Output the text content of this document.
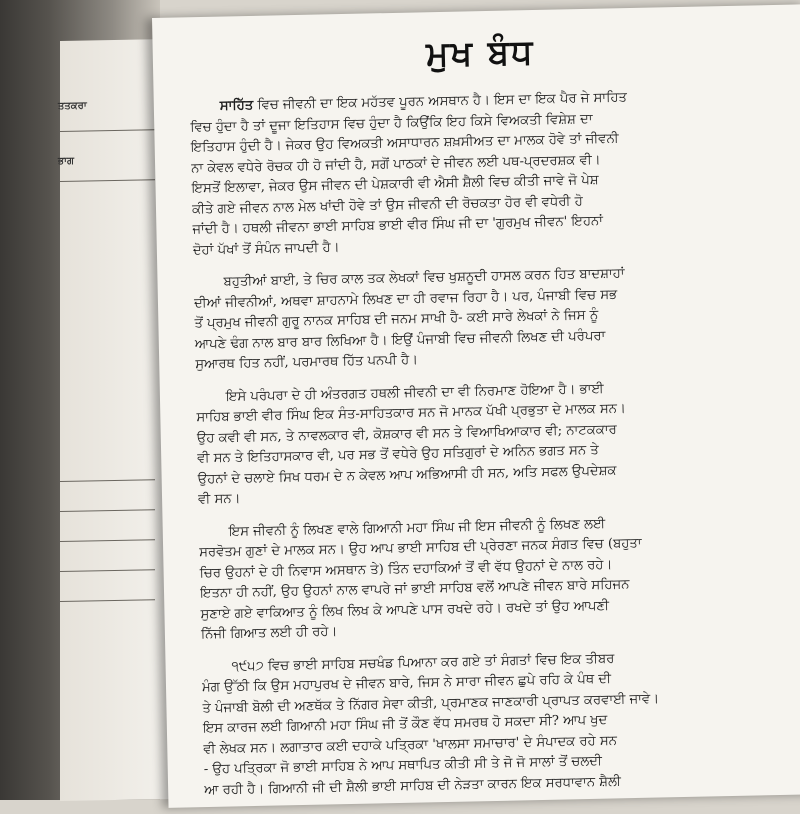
ਤਤਕਰਾ
ਭਾਗ
ਮੁਖ ਬੰਧ
ਸਾਹਿੱਤ ਵਿਚ ਜੀਵਨੀ ਦਾ ਇਕ ਮਹੱਤਵ ਪੂਰਨ ਅਸਥਾਨ ਹੈ। ਇਸ ਦਾ ਇਕ ਪੈਰ ਜੇ ਸਾਹਿਤ
ਵਿਚ ਹੁੰਦਾ ਹੈ ਤਾਂ ਦੂਜਾ ਇਤਿਹਾਸ ਵਿਚ ਹੁੰਦਾ ਹੈ ਕਿਉਂਕਿ ਇਹ ਕਿਸੇ ਵਿਅਕਤੀ ਵਿਸ਼ੇਸ਼ ਦਾ
ਇਤਿਹਾਸ ਹੁੰਦੀ ਹੈ। ਜੇਕਰ ਉਹ ਵਿਅਕਤੀ ਅਸਾਧਾਰਨ ਸ਼ਖ਼ਸੀਅਤ ਦਾ ਮਾਲਕ ਹੋਵੇ ਤਾਂ ਜੀਵਨੀ
ਨਾ ਕੇਵਲ ਵਧੇਰੇ ਰੋਚਕ ਹੀ ਹੋ ਜਾਂਦੀ ਹੈ, ਸਗੋਂ ਪਾਠਕਾਂ ਦੇ ਜੀਵਨ ਲਈ ਪਥ-ਪ੍ਰਦਰਸ਼ਕ ਵੀ।
ਇਸਤੋਂ ਇਲਾਵਾ, ਜੇਕਰ ਉਸ ਜੀਵਨ ਦੀ ਪੇਸ਼ਕਾਰੀ ਵੀ ਐਸੀ ਸ਼ੈਲੀ ਵਿਚ ਕੀਤੀ ਜਾਵੇ ਜੋ ਪੇਸ਼
ਕੀਤੇ ਗਏ ਜੀਵਨ ਨਾਲ ਮੇਲ ਖਾਂਦੀ ਹੋਵੇ ਤਾਂ ਉਸ ਜੀਵਨੀ ਦੀ ਰੋਚਕਤਾ ਹੋਰ ਵੀ ਵਧੇਰੀ ਹੋ
ਜਾਂਦੀ ਹੈ। ਹਥਲੀ ਜੀਵਨਾ ਭਾਈ ਸਾਹਿਬ ਭਾਈ ਵੀਰ ਸਿੰਘ ਜੀ ਦਾ 'ਗੁਰਮੁਖ ਜੀਵਨ' ਇਹਨਾਂ
ਦੋਹਾਂ ਪੱਖਾਂ ਤੋਂ ਸੰਪੰਨ ਜਾਪਦੀ ਹੈ।
ਬਹੁਤੀਆਂ ਬਾਈ, ਤੇ ਚਿਰ ਕਾਲ ਤਕ ਲੇਖਕਾਂ ਵਿਚ ਖੁਸ਼ਨੂਦੀ ਹਾਸਲ ਕਰਨ ਹਿਤ ਬਾਦਸ਼ਾਹਾਂ
ਦੀਆਂ ਜੀਵਨੀਆਂ, ਅਥਵਾ ਸ਼ਾਹਨਾਮੇ ਲਿਖਣ ਦਾ ਹੀ ਰਵਾਜ ਰਿਹਾ ਹੈ। ਪਰ, ਪੰਜਾਬੀ ਵਿਚ ਸਭ
ਤੋਂ ਪ੍ਰਮੁਖ ਜੀਵਨੀ ਗੁਰੂ ਨਾਨਕ ਸਾਹਿਬ ਦੀ ਜਨਮ ਸਾਖੀ ਹੈ- ਕਈ ਸਾਰੇ ਲੇਖਕਾਂ ਨੇ ਜਿਸ ਨੂੰ
ਆਪਣੇ ਢੰਗ ਨਾਲ ਬਾਰ ਬਾਰ ਲਿਖਿਆ ਹੈ। ਇਉਂ ਪੰਜਾਬੀ ਵਿਚ ਜੀਵਨੀ ਲਿਖਣ ਦੀ ਪਰੰਪਰਾ
ਸੁਆਰਥ ਹਿਤ ਨਹੀਂ, ਪਰਮਾਰਥ ਹਿੱਤ ਪਨਪੀ ਹੈ।
ਇਸੇ ਪਰੰਪਰਾ ਦੇ ਹੀ ਅੰਤਰਗਤ ਹਥਲੀ ਜੀਵਨੀ ਦਾ ਵੀ ਨਿਰਮਾਣ ਹੋਇਆ ਹੈ। ਭਾਈ
ਸਾਹਿਬ ਭਾਈ ਵੀਰ ਸਿੰਘ ਇਕ ਸੰਤ-ਸਾਹਿਤਕਾਰ ਸਨ ਜੋ ਮਾਨਕ ਪੱਖੀ ਪ੍ਰਭੁਤਾ ਦੇ ਮਾਲਕ ਸਨ।
ਉਹ ਕਵੀ ਵੀ ਸਨ, ਤੇ ਨਾਵਲਕਾਰ ਵੀ, ਕੋਸ਼ਕਾਰ ਵੀ ਸਨ ਤੇ ਵਿਆਖਿਆਕਾਰ ਵੀ; ਨਾਟਕਕਾਰ
ਵੀ ਸਨ ਤੇ ਇਤਿਹਾਸਕਾਰ ਵੀ, ਪਰ ਸਭ ਤੋਂ ਵਧੇਰੇ ਉਹ ਸਤਿਗੁਰਾਂ ਦੇ ਅਨਿਨ ਭਗਤ ਸਨ ਤੇ
ਉਹਨਾਂ ਦੇ ਚਲਾਏ ਸਿਖ ਧਰਮ ਦੇ ਨ ਕੇਵਲ ਆਪ ਅਭਿਆਸੀ ਹੀ ਸਨ, ਅਤਿ ਸਫਲ ਉਪਦੇਸ਼ਕ
ਵੀ ਸਨ।
ਇਸ ਜੀਵਨੀ ਨੂੰ ਲਿਖਣ ਵਾਲੇ ਗਿਆਨੀ ਮਹਾ ਸਿੰਘ ਜੀ ਇਸ ਜੀਵਨੀ ਨੂੰ ਲਿਖਣ ਲਈ
ਸਰਵੋਤਮ ਗੁਣਾਂ ਦੇ ਮਾਲਕ ਸਨ। ਉਹ ਆਪ ਭਾਈ ਸਾਹਿਬ ਦੀ ਪ੍ਰੇਰਣਾ ਜਨਕ ਸੰਗਤ ਵਿਚ (ਬਹੁਤਾ
ਚਿਰ ਉਹਨਾਂ ਦੇ ਹੀ ਨਿਵਾਸ ਅਸਥਾਨ ਤੇ) ਤਿੰਨ ਦਹਾਕਿਆਂ ਤੋਂ ਵੀ ਵੱਧ ਉਹਨਾਂ ਦੇ ਨਾਲ ਰਹੇ।
ਇਤਨਾ ਹੀ ਨਹੀਂ, ਉਹ ਉਹਨਾਂ ਨਾਲ ਵਾਪਰੇ ਜਾਂ ਭਾਈ ਸਾਹਿਬ ਵਲੋਂ ਆਪਣੇ ਜੀਵਨ ਬਾਰੇ ਸਹਿਜਨ
ਸੁਣਾਏ ਗਏ ਵਾਕਿਆਤ ਨੂੰ ਲਿਖ ਲਿਖ ਕੇ ਆਪਣੇ ਪਾਸ ਰਖਦੇ ਰਹੇ। ਰਖਦੇ ਤਾਂ ਉਹ ਆਪਣੀ
ਨਿੱਜੀ ਗਿਆਤ ਲਈ ਹੀ ਰਹੇ।
੧੯੫੭ ਵਿਚ ਭਾਈ ਸਾਹਿਬ ਸਚਖੰਡ ਪਿਆਨਾ ਕਰ ਗਏ ਤਾਂ ਸੰਗਤਾਂ ਵਿਚ ਇਕ ਤੀਬਰ
ਮੰਗ ਉੱਠੀ ਕਿ ਉਸ ਮਹਾਪੁਰਖ ਦੇ ਜੀਵਨ ਬਾਰੇ, ਜਿਸ ਨੇ ਸਾਰਾ ਜੀਵਨ ਛੁਪੇ ਰਹਿ ਕੇ ਪੰਥ ਦੀ
ਤੇ ਪੰਜਾਬੀ ਬੋਲੀ ਦੀ ਅਣਥੱਕ ਤੇ ਨਿੱਗਰ ਸੇਵਾ ਕੀਤੀ, ਪ੍ਰਮਾਣਕ ਜਾਣਕਾਰੀ ਪ੍ਰਾਪਤ ਕਰਵਾਈ ਜਾਵੇ।
ਇਸ ਕਾਰਜ ਲਈ ਗਿਆਨੀ ਮਹਾ ਸਿੰਘ ਜੀ ਤੋਂ ਕੌਣ ਵੱਧ ਸਮਰਥ ਹੋ ਸਕਦਾ ਸੀ? ਆਪ ਖੁਦ
ਵੀ ਲੇਖਕ ਸਨ। ਲਗਾਤਾਰ ਕਈ ਦਹਾਕੇ ਪਤ੍ਰਿਕਾ 'ਖਾਲਸਾ ਸਮਾਚਾਰ' ਦੇ ਸੰਪਾਦਕ ਰਹੇ ਸਨ
- ਉਹ ਪਤ੍ਰਿਕਾ ਜੋ ਭਾਈ ਸਾਹਿਬ ਨੇ ਆਪ ਸਥਾਪਿਤ ਕੀਤੀ ਸੀ ਤੇ ਜੋ ਜੋ ਸਾਲਾਂ ਤੋਂ ਚਲਦੀ
ਆ ਰਹੀ ਹੈ। ਗਿਆਨੀ ਜੀ ਦੀ ਸ਼ੈਲੀ ਭਾਈ ਸਾਹਿਬ ਦੀ ਨੇੜਤਾ ਕਾਰਨ ਇਕ ਸਰਧਾਵਾਨ ਸ਼ੈਲੀ
